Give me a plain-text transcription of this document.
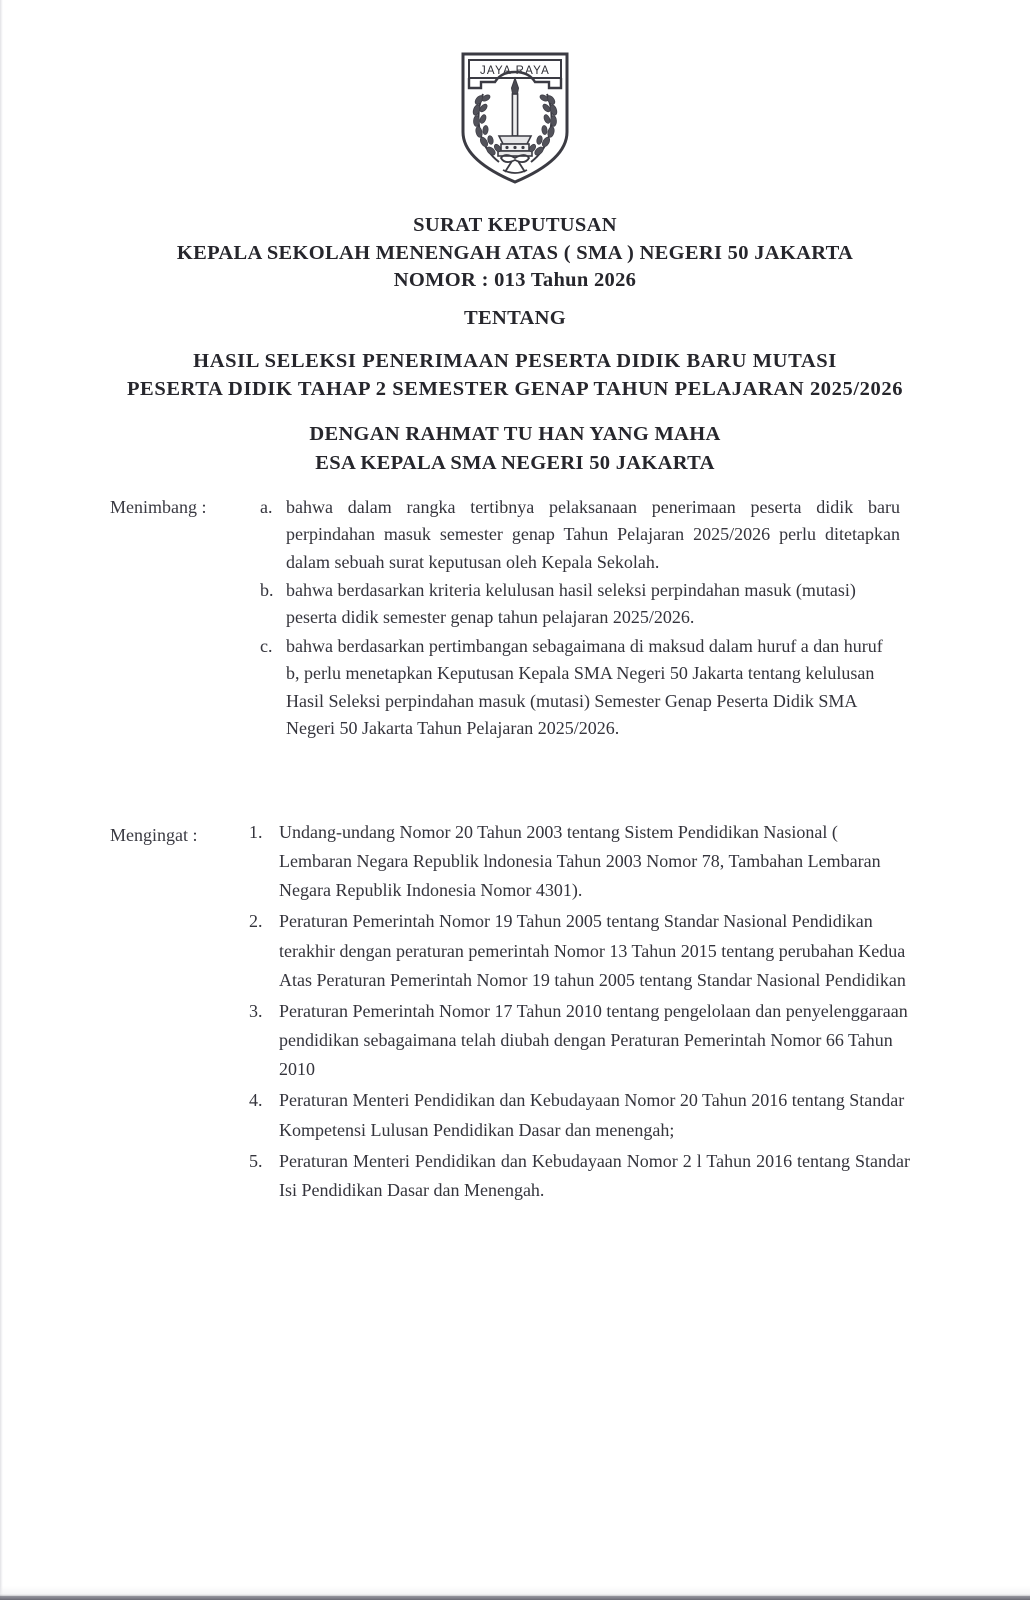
JAYA RAYA
SURAT KEPUTUSAN
KEPALA SEKOLAH MENENGAH ATAS ( SMA ) NEGERI 50 JAKARTA
NOMOR : 013 Tahun 2026
TENTANG
HASIL SELEKSI PENERIMAAN PESERTA DIDIK BARU MUTASI
PESERTA DIDIK TAHAP 2 SEMESTER GENAP TAHUN PELAJARAN 2025/2026
DENGAN RAHMAT TU HAN YANG MAHA
ESA KEPALA SMA NEGERI 50 JAKARTA
Menimbang :	a. bahwa dalam rangka tertibnya pelaksanaan penerimaan peserta didik baru perpindahan masuk semester genap Tahun Pelajaran 2025/2026 perlu ditetapkan dalam sebuah surat keputusan oleh Kepala Sekolah.
b. bahwa berdasarkan kriteria kelulusan hasil seleksi perpindahan masuk (mutasi) peserta didik semester genap tahun pelajaran 2025/2026.
c. bahwa berdasarkan pertimbangan sebagaimana di maksud dalam huruf a dan huruf b, perlu menetapkan Keputusan Kepala SMA Negeri 50 Jakarta tentang kelulusan Hasil Seleksi perpindahan masuk (mutasi) Semester Genap Peserta Didik SMA Negeri 50 Jakarta Tahun Pelajaran 2025/2026.
Mengingat :	1. Undang-undang Nomor 20 Tahun 2003 tentang Sistem Pendidikan Nasional ( Lembaran Negara Republik lndonesia Tahun 2003 Nomor 78, Tambahan Lembaran Negara Republik Indonesia Nomor 4301).
2. Peraturan Pemerintah Nomor 19 Tahun 2005 tentang Standar Nasional Pendidikan terakhir dengan peraturan pemerintah Nomor 13 Tahun 2015 tentang perubahan Kedua Atas Peraturan Pemerintah Nomor 19 tahun 2005 tentang Standar Nasional Pendidikan
3. Peraturan Pemerintah Nomor 17 Tahun 2010 tentang pengelolaan dan penyelenggaraan pendidikan sebagaimana telah diubah dengan Peraturan Pemerintah Nomor 66 Tahun 2010
4. Peraturan Menteri Pendidikan dan Kebudayaan Nomor 20 Tahun 2016 tentang Standar Kompetensi Lulusan Pendidikan Dasar dan menengah;
5. Peraturan Menteri Pendidikan dan Kebudayaan Nomor 2 l Tahun 2016 tentang Standar Isi Pendidikan Dasar dan Menengah.
